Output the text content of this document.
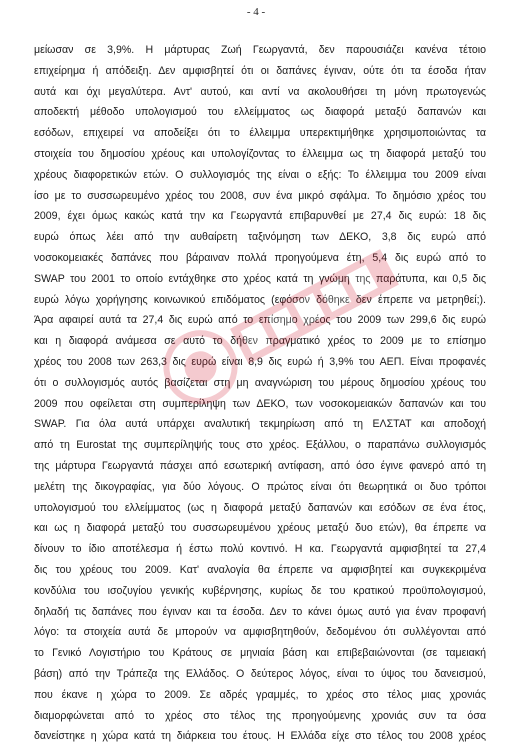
- 4 -
μείωσαν σε 3,9%. Η μάρτυρας Ζωή Γεωργαντά, δεν παρουσιάζει κανένα τέτοιο
επιχείρημα ή απόδειξη. Δεν αμφισβητεί ότι οι δαπάνες έγιναν, ούτε ότι τα έσοδα ήταν
αυτά και όχι μεγαλύτερα. Αντ' αυτού, και αντί να ακολουθήσει τη μόνη πρωτογενώς
αποδεκτή μέθοδο υπολογισμού του ελλείμματος ως διαφορά μεταξύ δαπανών και
εσόδων, επιχειρεί να αποδείξει ότι το έλλειμμα υπερεκτιμήθηκε χρησιμοποιώντας τα
στοιχεία του δημοσίου χρέους και υπολογίζοντας το έλλειμμα ως τη διαφορά μεταξύ του
χρέους διαφορετικών ετών. Ο συλλογισμός της είναι ο εξής: Το έλλειμμα του 2009 είναι
ίσο με το συσσωρευμένο χρέος του 2008, συν ένα μικρό σφάλμα. Το δημόσιο χρέος του
2009, έχει όμως κακώς κατά την κα Γεωργαντά επιβαρυνθεί με 27,4 δις ευρώ: 18 δις
ευρώ όπως λέει από την αυθαίρετη ταξινόμηση των ΔΕΚΟ, 3,8 δις ευρώ από
νοσοκομειακές δαπάνες που βάραιναν πολλά προηγούμενα έτη, 5,4 δις ευρώ από το
SWAP του 2001 το οποίο εντάχθηκε στο χρέος κατά τη γνώμη της παράτυπα, και 0,5 δις
ευρώ λόγω χορήγησης κοινωνικού επιδόματος (εφόσον δόθηκε δεν έπρεπε να μετρηθεί;).
Άρα αφαιρεί αυτά τα 27,4 δις ευρώ από το επίσημο χρέος του 2009 των 299,6 δις ευρώ
και η διαφορά ανάμεσα σε αυτό το δήθεν πραγματικό χρέος το 2009 με το επίσημο
χρέος του 2008 των 263,3 δις ευρώ είναι 8,9 δις ευρώ ή 3,9% του ΑΕΠ. Είναι προφανές
ότι ο συλλογισμός αυτός βασίζεται στη μη αναγνώριση του μέρους δημοσίου χρέους του
2009 που οφείλεται στη συμπερίληψη των ΔΕΚΟ, των νοσοκομειακών δαπανών και του
SWAP. Για όλα αυτά υπάρχει αναλυτική τεκμηρίωση από τη ΕΛΣΤΑΤ και αποδοχή
από τη Eurostat της συμπερίληψής τους στο χρέος. Εξάλλου, ο παραπάνω συλλογισμός
της μάρτυρα Γεωργαντά πάσχει από εσωτερική αντίφαση, από όσο έγινε φανερό από τη
μελέτη της δικογραφίας, για δύο λόγους. Ο πρώτος είναι ότι θεωρητικά οι δυο τρόποι
υπολογισμού του ελλείμματος (ως η διαφορά μεταξύ δαπανών και εσόδων σε ένα έτος,
και ως η διαφορά μεταξύ του συσσωρευμένου χρέους μεταξύ δυο ετών), θα έπρεπε να
δίνουν το ίδιο αποτέλεσμα ή έστω πολύ κοντινό. Η κα. Γεωργαντά αμφισβητεί τα 27,4
δις του χρέους του 2009. Κατ' αναλογία θα έπρεπε να αμφισβητεί και συγκεκριμένα
κονδύλια του ισοζυγίου γενικής κυβέρνησης, κυρίως δε του κρατικού προϋπολογισμού,
δηλαδή τις δαπάνες που έγιναν και τα έσοδα. Δεν το κάνει όμως αυτό για έναν προφανή
λόγο: τα στοιχεία αυτά δε μπορούν να αμφισβητηθούν, δεδομένου ότι συλλέγονται από
το Γενικό Λογιστήριο του Κράτους σε μηνιαία βάση και επιβεβαιώνονται (σε ταμειακή
βάση) από την Τράπεζα της Ελλάδος. Ο δεύτερος λόγος, είναι το ύψος του δανεισμού,
που έκανε η χώρα το 2009. Σε αδρές γραμμές, το χρέος στο τέλος μιας χρονιάς
διαμορφώνεται από το χρέος στο τέλος της προηγούμενης χρονιάς συν τα όσα
δανείστηκε η χώρα κατά τη διάρκεια του έτους. Η Ελλάδα είχε στο τέλος του 2008 χρέος
